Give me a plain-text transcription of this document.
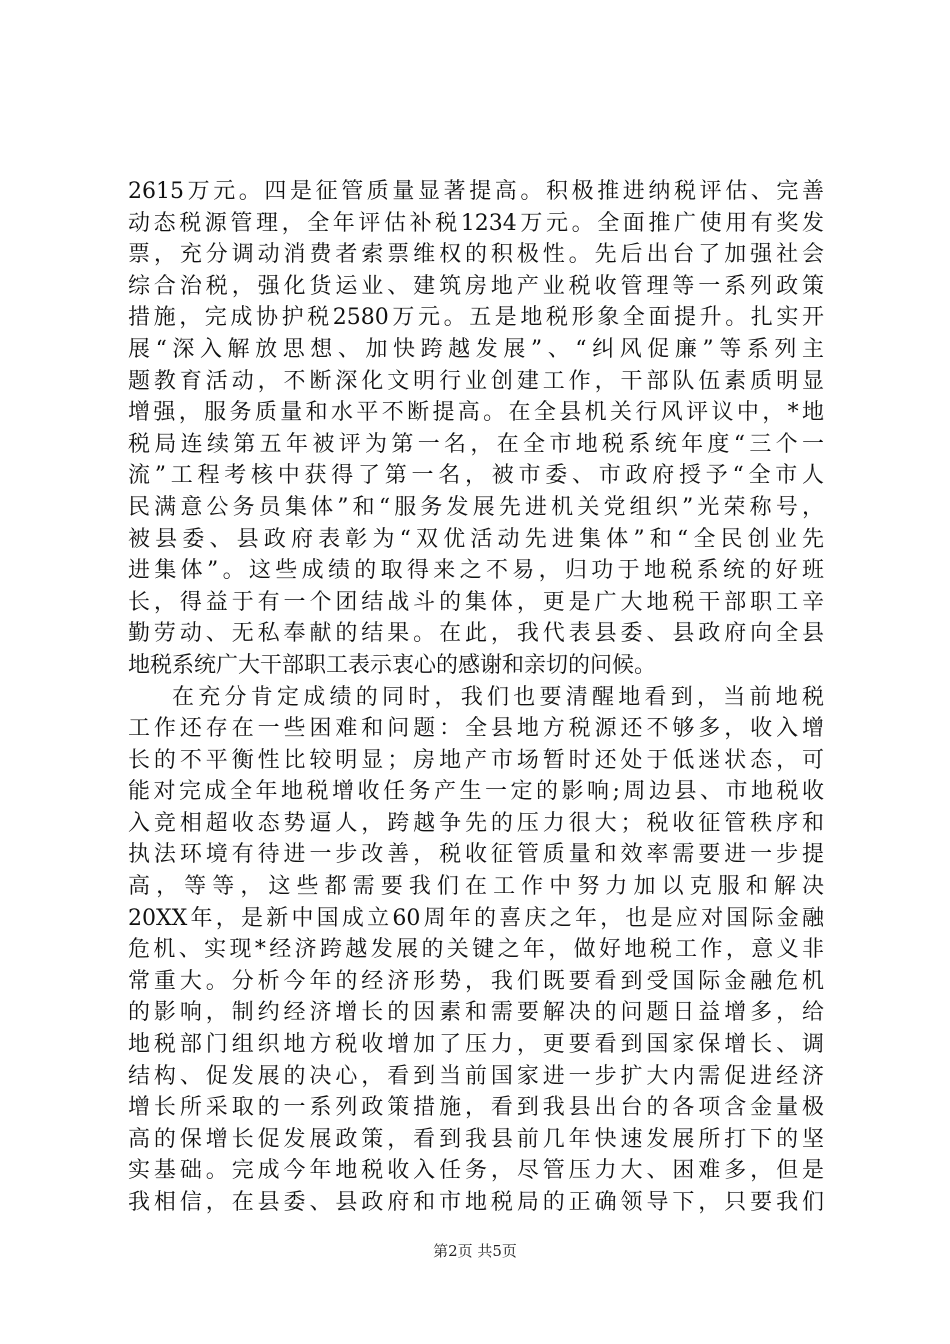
2615万元。四是征管质量显著提高。积极推进纳税评估、完善
动态税源管理，全年评估补税1234万元。全面推广使用有奖发
票，充分调动消费者索票维权的积极性。先后出台了加强社会
综合治税，强化货运业、建筑房地产业税收管理等一系列政策
措施，完成协护税2580万元。五是地税形象全面提升。扎实开
展“深入解放思想、加快跨越发展”、“纠风促廉”等系列主
题教育活动，不断深化文明行业创建工作，干部队伍素质明显
增强，服务质量和水平不断提高。在全县机关行风评议中，*地
税局连续第五年被评为第一名，在全市地税系统年度“三个一
流”工程考核中获得了第一名，被市委、市政府授予“全市人
民满意公务员集体”和“服务发展先进机关党组织”光荣称号，
被县委、县政府表彰为“双优活动先进集体”和“全民创业先
进集体”。这些成绩的取得来之不易，归功于地税系统的好班
长，得益于有一个团结战斗的集体，更是广大地税干部职工辛
勤劳动、无私奉献的结果。在此，我代表县委、县政府向全县
地税系统广大干部职工表示衷心的感谢和亲切的问候。
在充分肯定成绩的同时，我们也要清醒地看到，当前地税
工作还存在一些困难和问题：全县地方税源还不够多，收入增
长的不平衡性比较明显；房地产市场暂时还处于低迷状态，可
能对完成全年地税增收任务产生一定的影响;周边县、市地税收
入竞相超收态势逼人，跨越争先的压力很大；税收征管秩序和
执法环境有待进一步改善，税收征管质量和效率需要进一步提
高，等等，这些都需要我们在工作中努力加以克服和解决
20XX年，是新中国成立60周年的喜庆之年，也是应对国际金融
危机、实现*经济跨越发展的关键之年，做好地税工作，意义非
常重大。分析今年的经济形势，我们既要看到受国际金融危机
的影响，制约经济增长的因素和需要解决的问题日益增多，给
地税部门组织地方税收增加了压力，更要看到国家保增长、调
结构、促发展的决心，看到当前国家进一步扩大内需促进经济
增长所采取的一系列政策措施，看到我县出台的各项含金量极
高的保增长促发展政策，看到我县前几年快速发展所打下的坚
实基础。完成今年地税收入任务，尽管压力大、困难多，但是
我相信，在县委、县政府和市地税局的正确领导下，只要我们
第2页 共5页
